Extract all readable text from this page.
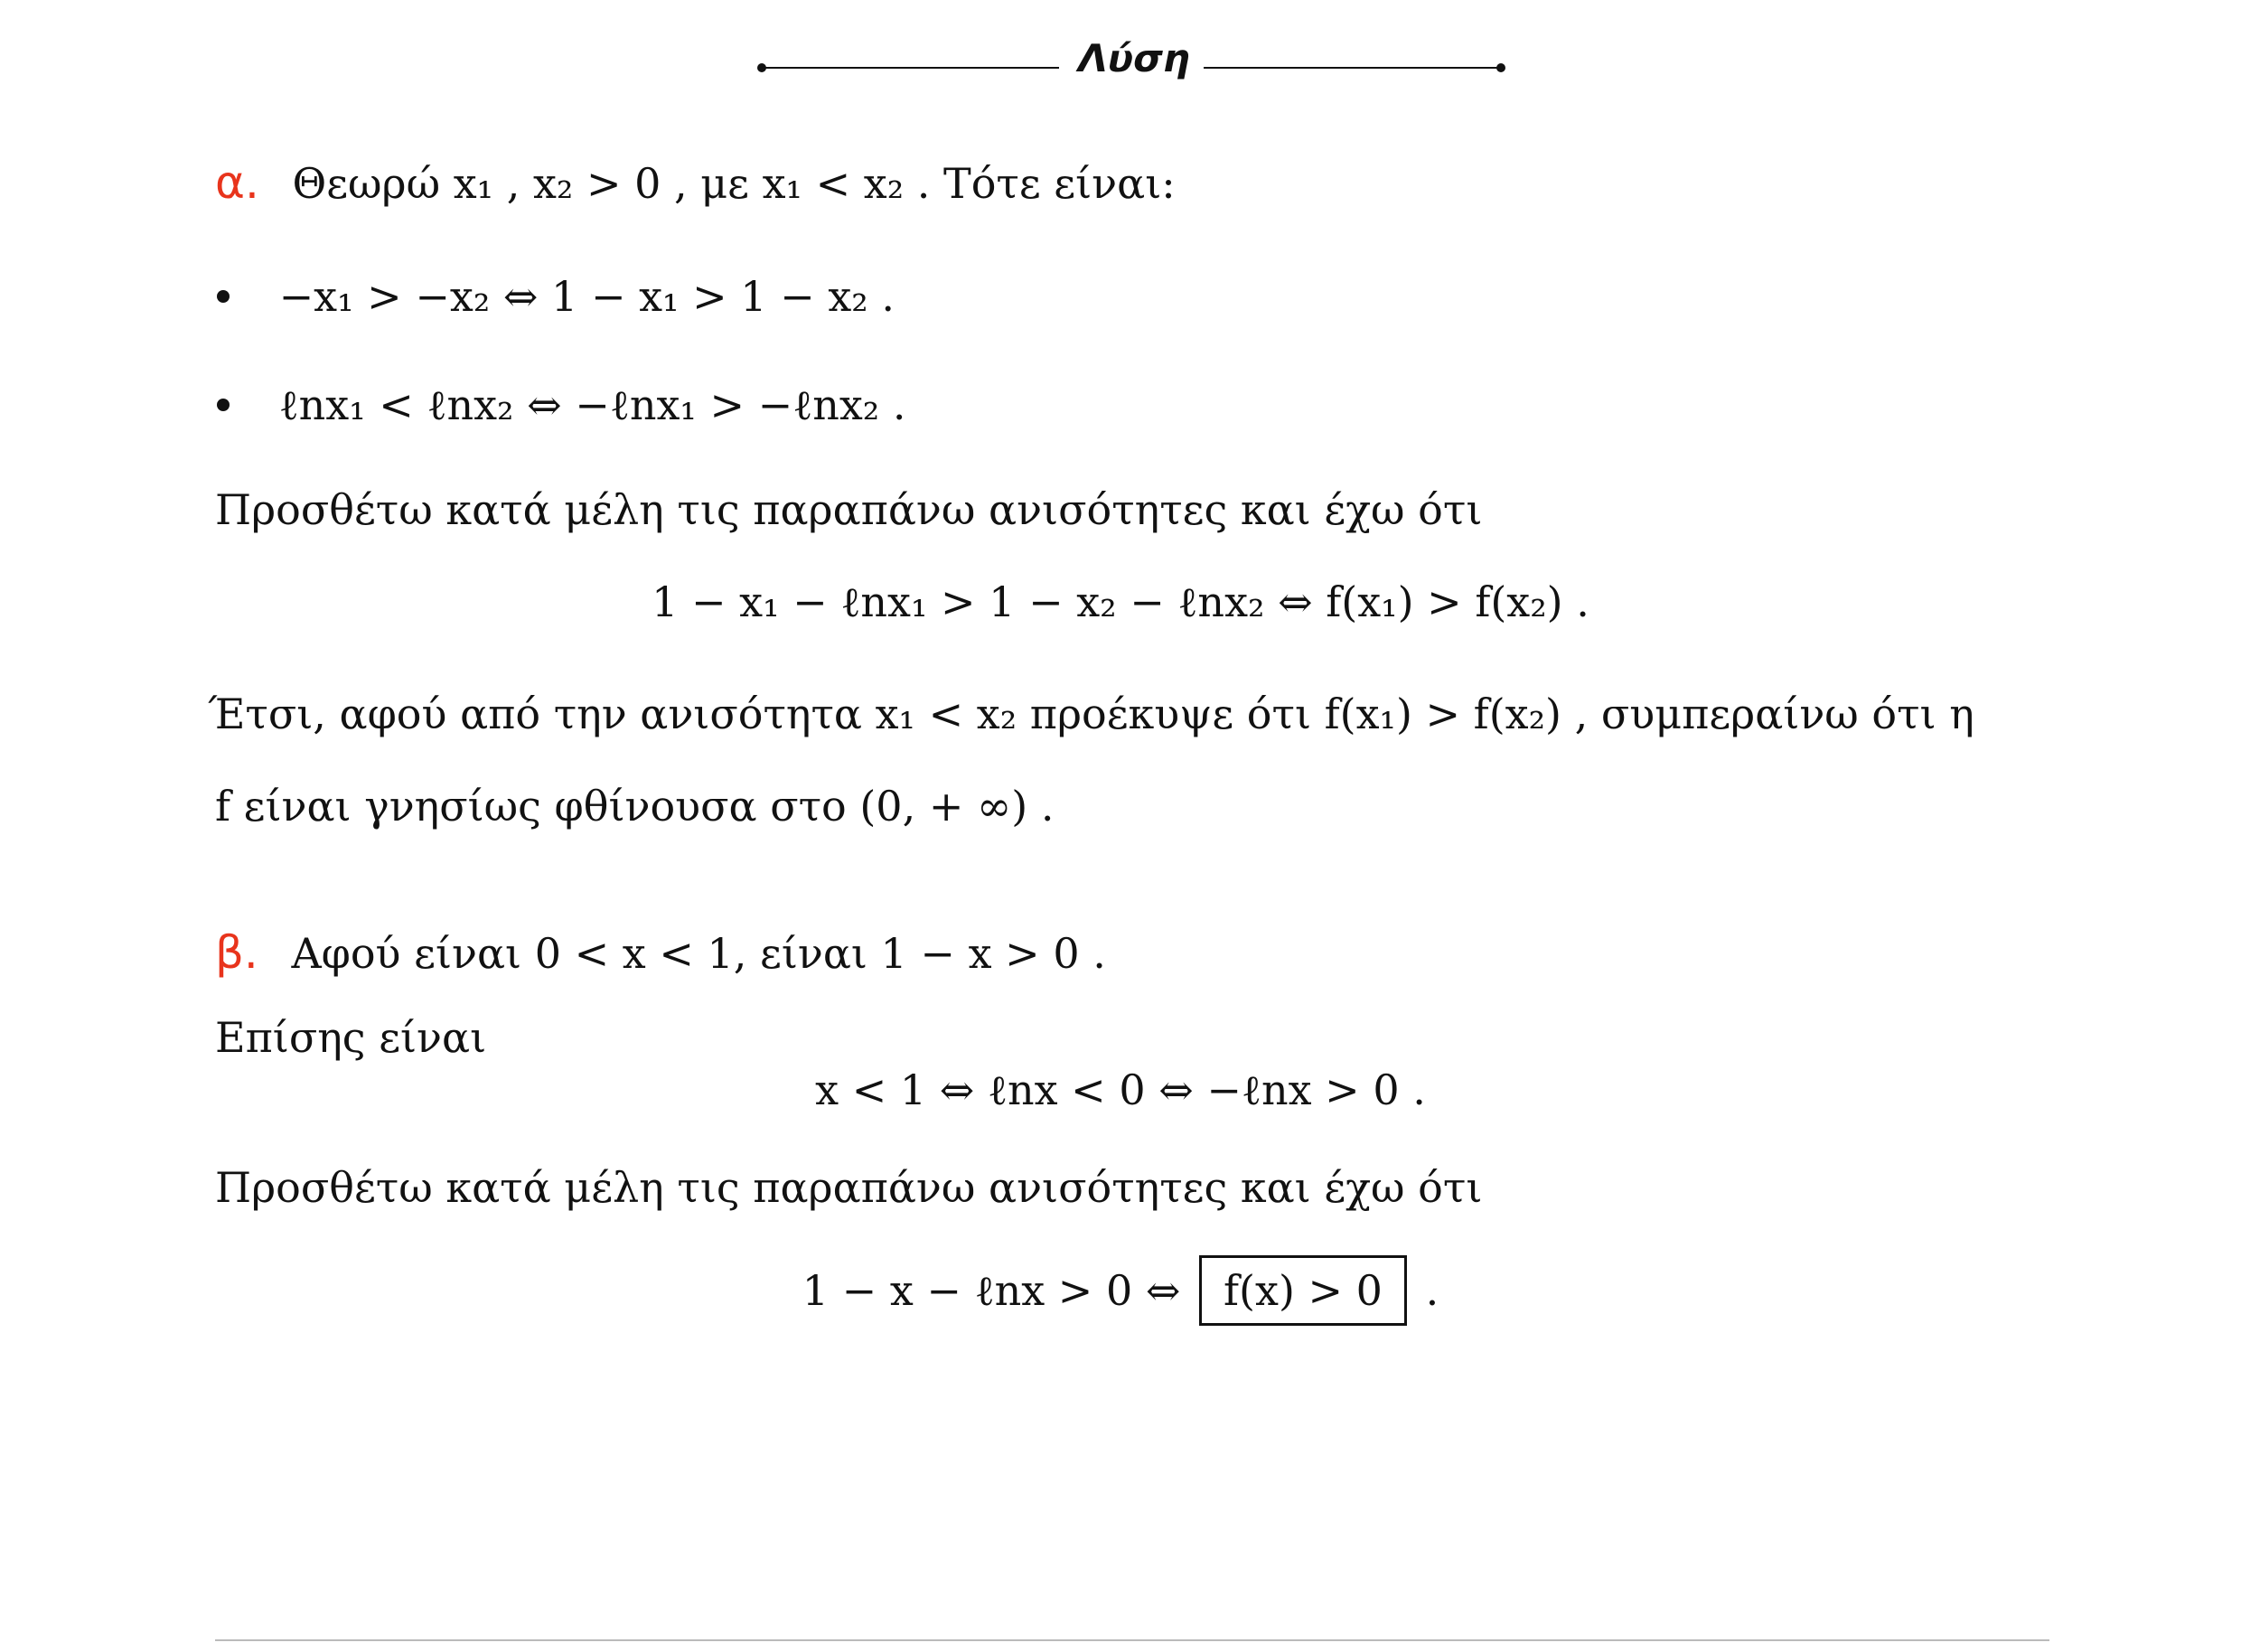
Λύση
α. Θεωρώ x₁ , x₂ > 0 , με x₁ < x₂ . Τότε είναι:
−x₁ > −x₂ ⇔ 1 − x₁ > 1 − x₂ .
ℓnx₁ < ℓnx₂ ⇔ −ℓnx₁ > −ℓnx₂ .
Προσθέτω κατά μέλη τις παραπάνω ανισότητες και έχω ότι
1 − x₁ − ℓnx₁ > 1 − x₂ − ℓnx₂ ⇔ f(x₁) > f(x₂) .
Έτσι, αφού από την ανισότητα x₁ < x₂ προέκυψε ότι f(x₁) > f(x₂) , συμπεραίνω ότι η
f είναι γνησίως φθίνουσα στο (0, + ∞) .
β. Αφού είναι 0 < x < 1, είναι 1 − x > 0 .
Επίσης είναι
x < 1 ⇔ ℓnx < 0 ⇔ −ℓnx > 0 .
Προσθέτω κατά μέλη τις παραπάνω ανισότητες και έχω ότι
1 − x − ℓnx > 0 ⇔ f(x) > 0 .
